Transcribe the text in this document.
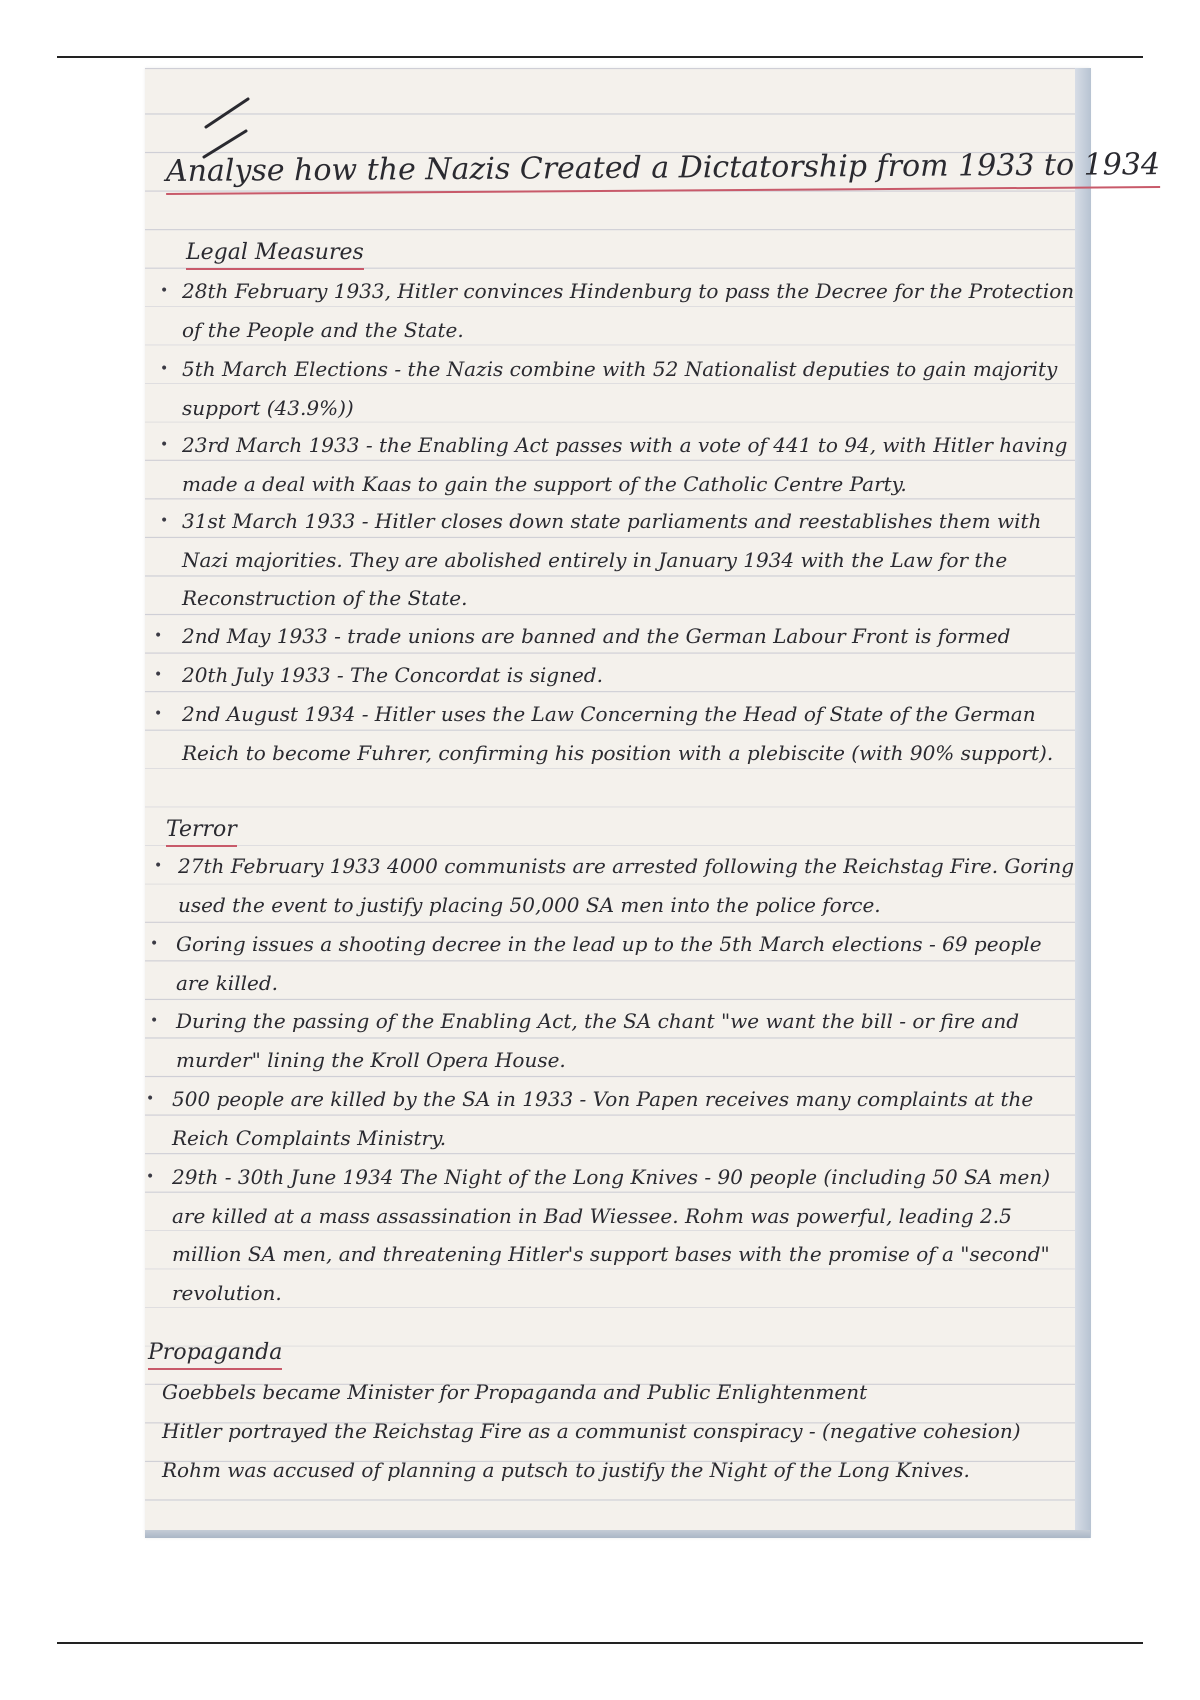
Analyse how the Nazis Created a Dictatorship from 1933 to 1934
Legal Measures
• 28th February 1933, Hitler convinces Hindenburg to pass the Decree for the Protection of the People and the State.
• 5th March Elections - the Nazis combine with 52 Nationalist deputies to gain majority support (43.9%))
• 23rd March 1933 - the Enabling Act passes with a vote of 441 to 94, with Hitler having made a deal with Kaas to gain the support of the Catholic Centre Party.
• 31st March 1933 - Hitler closes down state parliaments and reestablishes them with Nazi majorities. They are abolished entirely in January 1934 with the Law for the Reconstruction of the State.
• 2nd May 1933 - trade unions are banned and the German Labour Front is formed
• 20th July 1933 - The Concordat is signed.
• 2nd August 1934 - Hitler uses the Law Concerning the Head of State of the German Reich to become Fuhrer, confirming his position with a plebiscite (with 90% support).
Terror
• 27th February 1933 4000 communists are arrested following the Reichstag Fire. Goring used the event to justify placing 50,000 SA men into the police force.
• Goring issues a shooting decree in the lead up to the 5th March elections - 69 people are killed.
• During the passing of the Enabling Act, the SA chant "we want the bill - or fire and murder" lining the Kroll Opera House.
• 500 people are killed by the SA in 1933 - Von Papen receives many complaints at the Reich Complaints Ministry.
• 29th - 30th June 1934 The Night of the Long Knives - 90 people (including 50 SA men) are killed at a mass assassination in Bad Wiessee. Rohm was powerful, leading 2.5 million SA men, and threatening Hitler's support bases with the promise of a "second" revolution.
Propaganda
Goebbels became Minister for Propaganda and Public Enlightenment
Hitler portrayed the Reichstag Fire as a communist conspiracy - (negative cohesion)
Rohm was accused of planning a putsch to justify the Night of the Long Knives.
